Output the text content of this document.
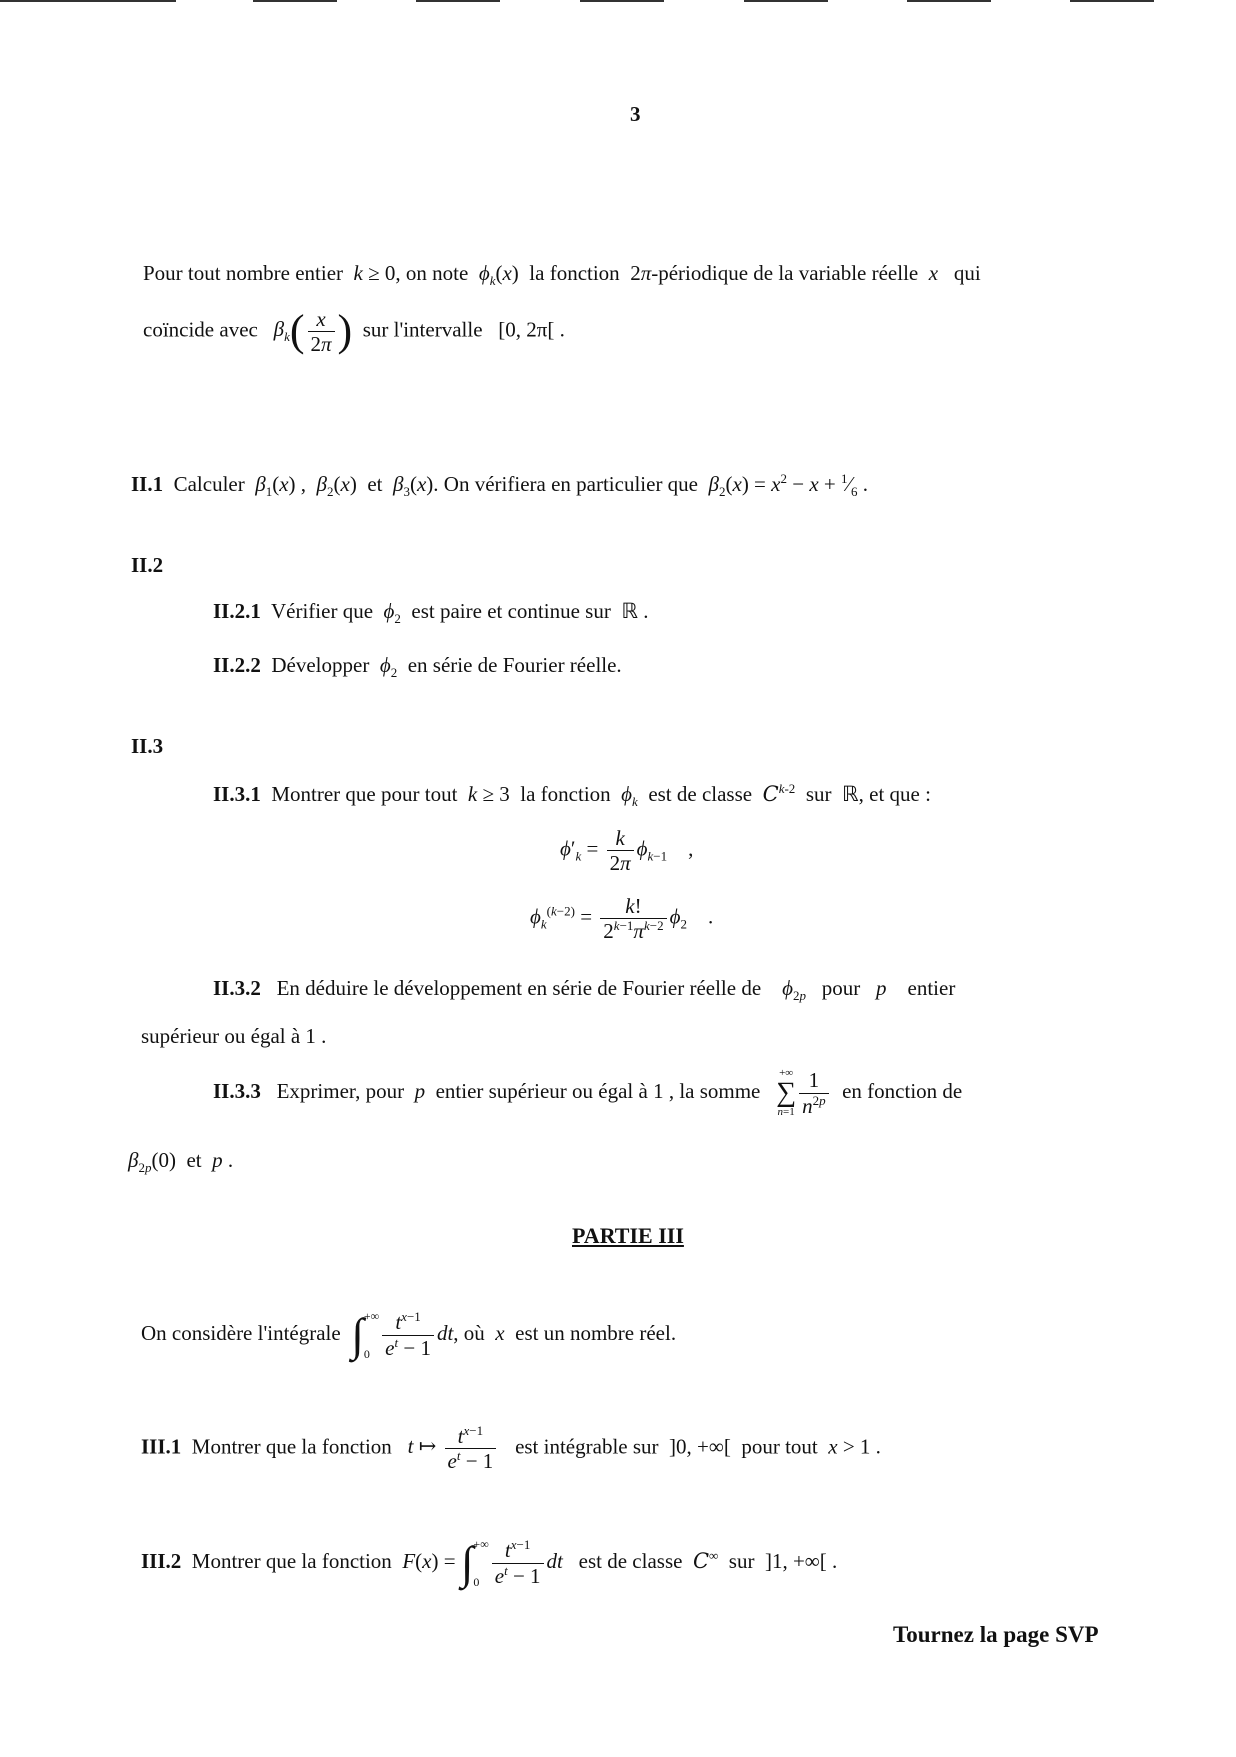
3
Pour tout nombre entier k ≥ 0, on note $\phi_k(x)$ la fonction 2π-périodique de la variable réelle x qui
coïncide avec $\beta_k( \frac{x}{2\pi}$ ) sur l'intervalle [0, 2π[ .
II.1 Calculer $\beta_1(x)$ , $\beta_2(x)$ et $\beta_3(x)$. On vérifiera en particulier que $\beta_2(x) = x^2 - x$ + $^1⁄_6$ .
II.2
II.2.1 Vérifier que $\phi_2$ est paire et continue sur ℝ .
II.2.2 Développer $\phi_2$ en série de Fourier réelle.
II.3
II.3.1 Montrer que pour tout k ≥ 3 la fonction $\phi_k$ est de classe $C^{k-2}$ sur ℝ, et que :
$\phi'_k = \frac{k}{2\pi} \phi_{k-1}$    ,
$\phi_k^{(k-2)} = \frac{k!}{2^{k-1}\pi^{k-2}} \phi_2$    .
II.3.2 En déduire le développement en série de Fourier réelle de $\phi_{2p}$ pour p entier
supérieur ou égal à 1 .
II.3.3 Exprimer, pour p entier supérieur ou égal à 1 , la somme
+∞
∑
$n=1 \frac{1}{n^{2p}}$ en fonction de
$\beta_{2p}(0)$ et p .
PARTIE III
On considère l'intégrale ∫ +∞
$0 \frac{t^{x-1}}{e^t - 1}$ dt, où x est un nombre réel.
III.1 Montrer que la fonction t ↦ $\frac{t^{x-1}}{e^t - 1}$ est intégrable sur ]0, +∞[ pour tout x > 1 .
III.2 Montrer que la fonction F(x) = ∫ +∞
$0 \frac{t^{x-1}}{e^t - 1}$ dt est de classe C∞ sur ]1, +∞[ .
Tournez la page SVP
